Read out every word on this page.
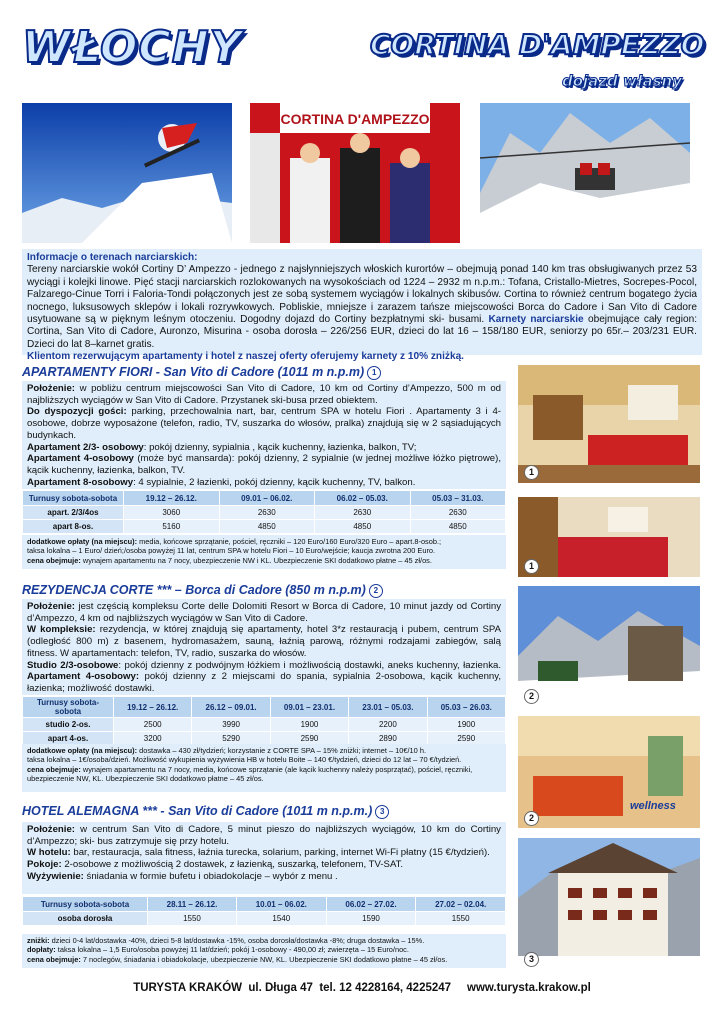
WŁOCHY	CORTINA D'AMPEZZO
dojazd własny
CORTINA D'AMPEZZO
Informacje o terenach narciarskich:
Tereny narciarskie wokół Cortiny D’ Ampezzo - jednego z najsłynniejszych włoskich kurortów – obejmują ponad 140 km tras obsługiwanych przez 53 wyciągi i kolejki linowe. Pięć stacji narciarskich rozlokowanych na wysokościach od 1224 – 2932 m n.p.m.: Tofana, Cristallo-Mietres, Socrepes-Pocol, Falzarego-Cinue Torri i Faloria-Tondi połączonych jest ze sobą systemem wyciągów i lokalnych skibusów. Cortina to również centrum bogatego życia nocnego, luksusowych sklepów i lokali rozrywkowych. Pobliskie, mniejsze i zarazem tańsze miejscowości Borca do Cadore i San Vito di Cadore usytuowane są w pięknym leśnym otoczeniu. Dogodny dojazd do Cortiny bezpłatnymi ski- busami. Karnety narciarskie obejmujące cały region: Cortina, San Vito di Cadore, Auronzo, Misurina - osoba dorosła – 226/256 EUR, dzieci do lat 16 – 158/180 EUR, seniorzy po 65r.– 203/231 EUR. Dzieci do lat 8–karnet gratis.
Klientom rezerwującym apartamenty i hotel z naszej oferty oferujemy karnety z 10% zniżką.
APARTAMENTY FIORI - San Vito di Cadore (1011 m n.p.m) 1
Położenie: w pobliżu centrum miejscowości San Vito di Cadore, 10 km od Cortiny d’Ampezzo, 500 m od najbliższych wyciągów w San Vito di Cadore. Przystanek ski-busa przed obiektem.
Do dyspozycji gości: parking, przechowalnia nart, bar, centrum SPA w hotelu Fiori . Apartamenty 3 i 4-osobowe, dobrze wyposażone (telefon, radio, TV, suszarka do włosów, pralka) znajdują się w 2 sąsiadujących budynkach.
Apartament 2/3- osobowy: pokój dzienny, sypialnia , kącik kuchenny, łazienka, balkon, TV;
Apartament 4-osobowy (może być mansarda): pokój dzienny, 2 sypialnie (w jednej możliwe łóżko piętrowe), kącik kuchenny, łazienka, balkon, TV.
Apartament 8-osobowy: 4 sypialnie, 2 łazienki, pokój dzienny, kącik kuchenny, TV, balkon.
Turnusy sobota-sobota	19.12 – 26.12.	09.01 – 06.02.	06.02 – 05.03.	05.03 – 31.03.
apart. 2/3/4os	3060	2630	2630	2630
apart 8-os.	5160	4850	4850	4850
dodatkowe opłaty (na miejscu): media, końcowe sprzątanie, pościel, ręczniki – 120 Euro/160 Euro/320 Euro – apart.8-osob.;
taksa lokalna – 1 Euro/ dzień;/osoba powyżej 11 lat, centrum SPA w hotelu Fiori – 10 Euro/wejście; kaucja zwrotna 200 Euro.
cena obejmuje: wynajem apartamentu na 7 nocy, ubezpieczenie NW i KL. Ubezpieczenie SKI dodatkowo płatne – 45 zł/os.
1
1
REZYDENCJA CORTE *** – Borca di Cadore (850 m n.p.m) 2
Położenie: jest częścią kompleksu Corte delle Dolomiti Resort w Borca di Cadore, 10 minut jazdy od Cortiny d’Ampezzo, 4 km od najbliższych wyciągów w San Vito di Cadore.
W kompleksie: rezydencja, w której znajdują się apartamenty, hotel 3*z restauracją i pubem, centrum SPA (odległość 800 m) z basenem, hydromasażem, sauną, łaźnią parową, różnymi rodzajami zabiegów, salą fitness. W apartamentach: telefon, TV, radio, suszarka do włosów.
Studio 2/3-osobowe: pokój dzienny z podwójnym łóżkiem i możliwością dostawki, aneks kuchenny, łazienka. Apartament 4-osobowy: pokój dzienny z 2 miejscami do spania, sypialnia 2-osobowa, kącik kuchenny, łazienka; możliwość dostawki.
Turnusy sobota-sobota	19.12 – 26.12.	26.12 – 09.01.	09.01 – 23.01.	23.01 – 05.03.	05.03 – 26.03.
studio 2-os.	2500	3990	1900	2200	1900
apart 4-os.	3200	5290	2590	2890	2590
dodatkowe opłaty (na miejscu): dostawka – 430 zł/tydzień; korzystanie z CORTE SPA – 15% zniżki; internet – 10€/10 h.
taksa lokalna – 1€/osoba/dzień. Możliwość wykupienia wyżywienia HB w hotelu Boite – 140 €/tydzień, dzieci do 12 lat – 70 €/tydzień.
cena obejmuje: wynajem apartamentu na 7 nocy, media, końcowe sprzątanie (ale kącik kuchenny należy posprzątać), pościel, ręczniki, ubezpieczenie NW, KL. Ubezpieczenie SKI dodatkowo płatne – 45 zł/os.
2
wellness
2
HOTEL ALEMAGNA *** - San Vito di Cadore (1011 m n.p.m.) 3
Położenie: w centrum San Vito di Cadore, 5 minut pieszo do najbliższych wyciągów, 10 km do Cortiny d’Ampezzo; ski- bus zatrzymuje się przy hotelu.
W hotelu: bar, restauracja, sala fitness, łaźnia turecka, solarium, parking, internet Wi-Fi płatny (15 €/tydzień).
Pokoje: 2-osobowe z możliwością 2 dostawek, z łazienką, suszarką, telefonem, TV-SAT.
Wyżywienie: śniadania w formie bufetu i obiadokolacje – wybór z menu .
Turnusy sobota-sobota	28.11 – 26.12.	10.01 – 06.02.	06.02 – 27.02.	27.02 – 02.04.
osoba dorosła	1550	1540	1590	1550
zniżki: dzieci 0-4 lat/dostawka -40%, dzieci 5-8 lat/dostawka -15%, osoba dorosła/dostawka -8%; druga dostawka – 15%.
dopłaty: taksa lokalna – 1,5 Euro/osoba powyżej 11 lat/dzień; pokój 1-osobowy - 490,00 zł; zwierzęta – 15 Euro/noc.
cena obejmuje: 7 noclegów, śniadania i obiadokolacje, ubezpieczenie NW, KL. Ubezpieczenie SKI dodatkowo płatne – 45 zł/os.	3
TURYSTA KRAKÓW  ul. Długa 47  tel. 12 4228164, 4225247     www.turysta.krakow.pl
